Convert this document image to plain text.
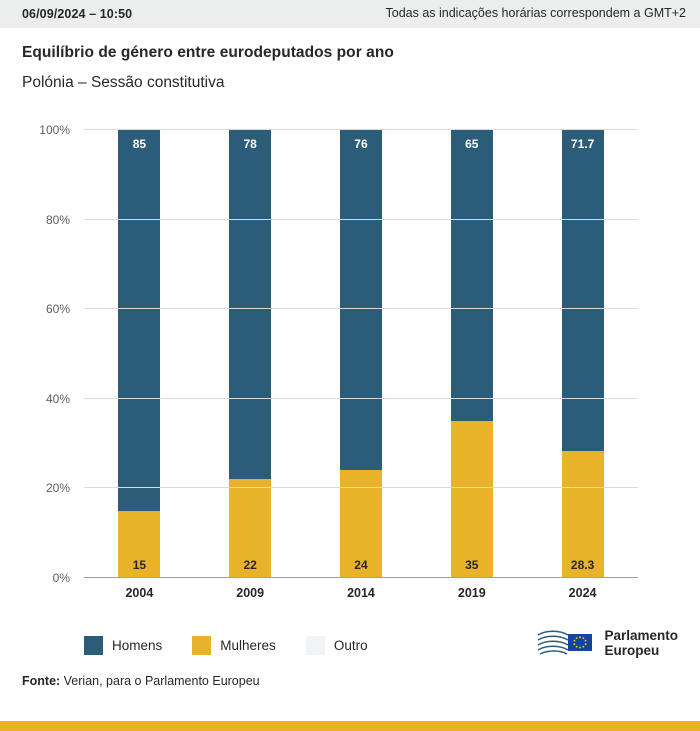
06/09/2024 – 10:50	Todas as indicações horárias correspondem a GMT+2
Equilíbrio de género entre eurodeputados por ano
Polónia – Sessão constitutiva
0%
20%
40%
60%
80%
100%
85
15
78
22
76
24
65
35
71.7
28.3
2004	2009	2014	2019	2024
Homens	Mulheres	Outro
Parlamento
Europeu
Fonte: Verian, para o Parlamento Europeu
